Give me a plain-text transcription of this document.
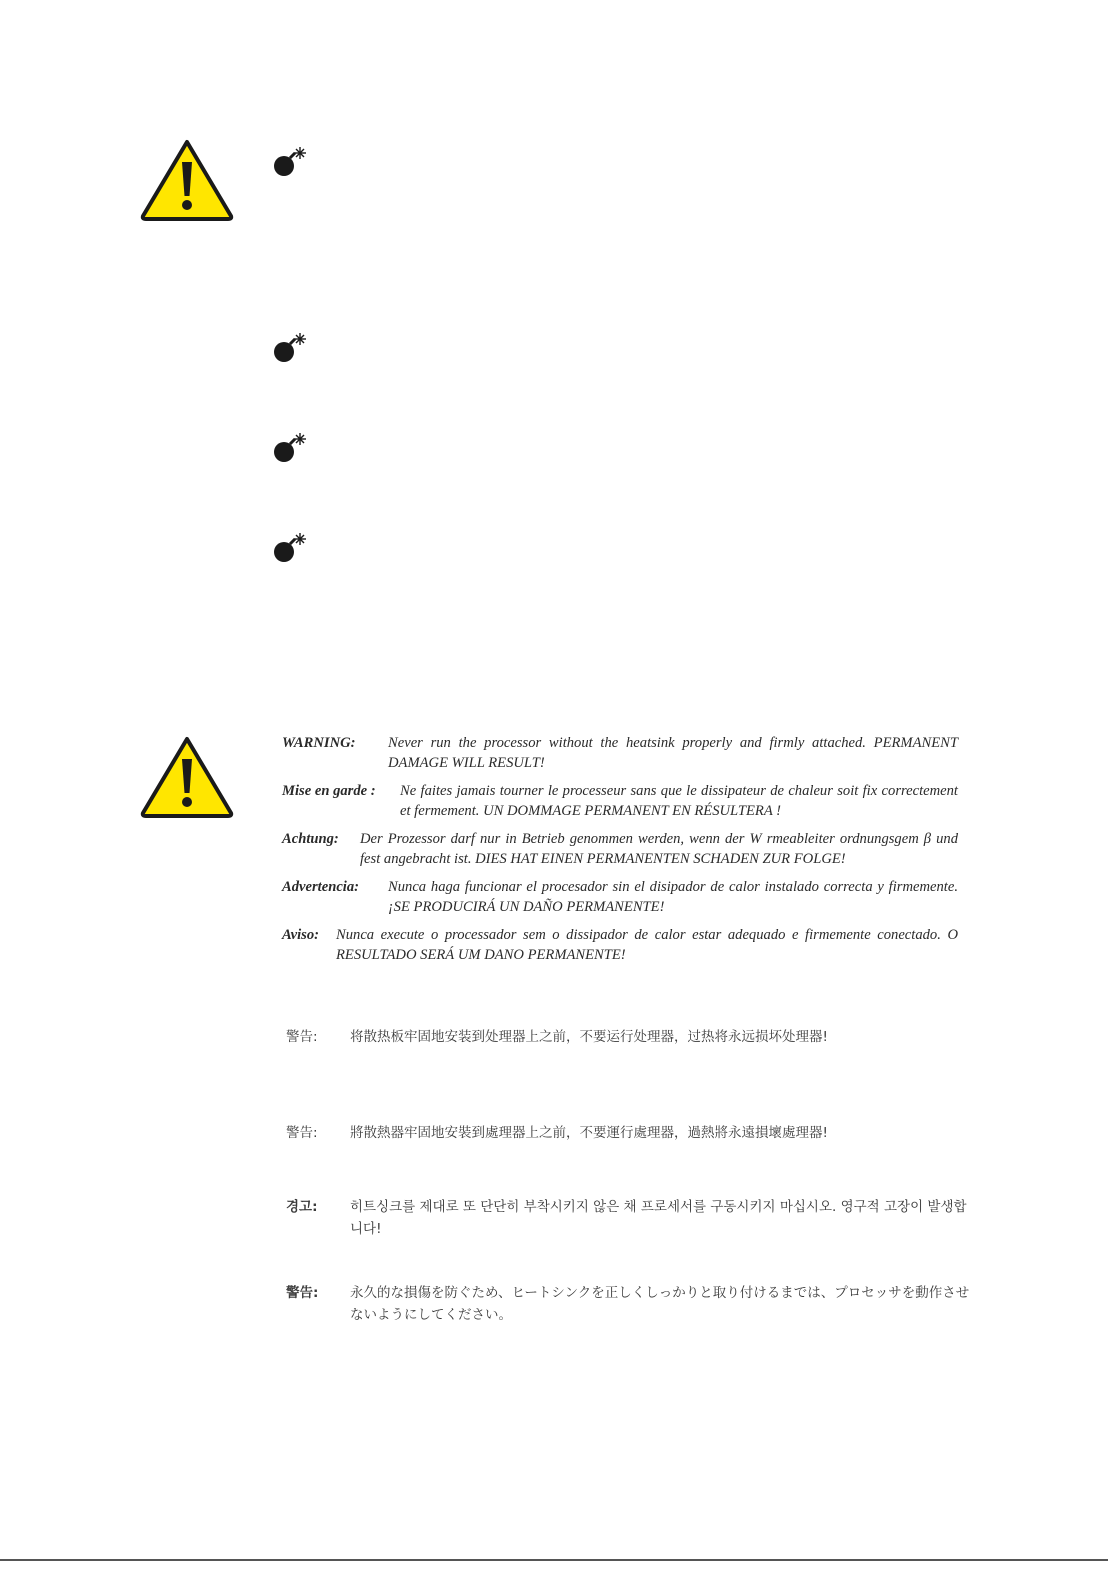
WARNING:	Never run the processor without the heatsink properly and firmly attached. PERMANENT DAMAGE WILL RESULT!
Mise en garde :	Ne faites jamais tourner le processeur sans que le dissipateur de chaleur soit fix correctement et fermement. UN DOMMAGE PERMANENT EN RÉSULTERA !
Achtung:	Der Prozessor darf nur in Betrieb genommen werden, wenn der W rmeableiter ordnungsgem β und fest angebracht ist. DIES HAT EINEN PERMANENTEN SCHADEN ZUR FOLGE!
Advertencia:	Nunca haga funcionar el procesador sin el disipador de calor instalado correcta y firmemente. ¡SE PRODUCIRÁ UN DAÑO PERMANENTE!
Aviso:	Nunca execute o processador sem o dissipador de calor estar adequado e firmemente conectado. O RESULTADO SERÁ UM DANO PERMANENTE!
警告:	将散热板牢固地安装到处理器上之前，不要运行处理器，过热将永远损坏处理器!
警告:	將散熱器牢固地安裝到處理器上之前，不要運行處理器，過熱將永遠損壞處理器!
경고:	히트싱크를 제대로 또 단단히 부착시키지 않은 채 프로세서를 구동시키지 마십시오. 영구적 고장이 발생합니다!
警告:	永久的な損傷を防ぐため、ヒートシンクを正しくしっかりと取り付けるまでは、プロセッサを動作させないようにしてください。
